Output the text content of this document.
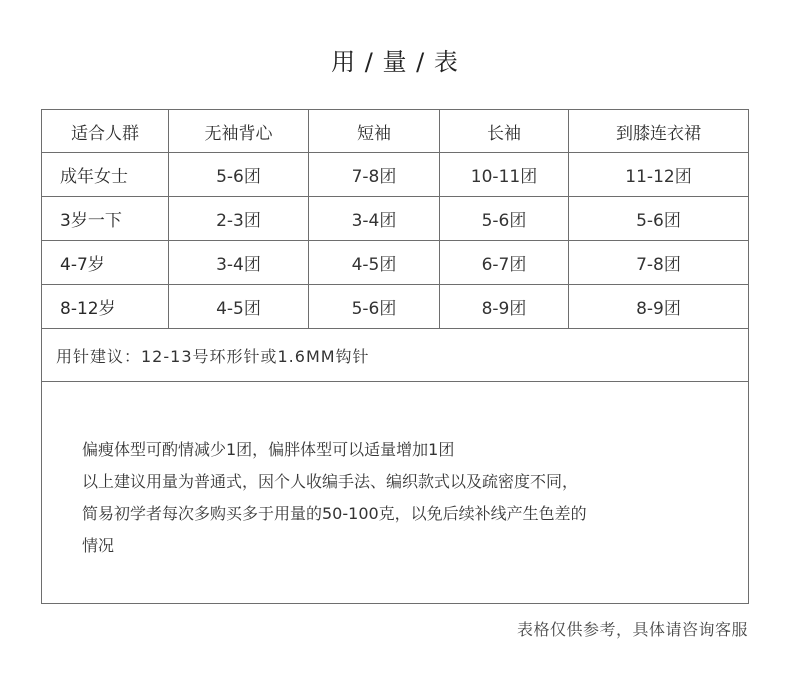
用 / 量 / 表
适合人群	无袖背心	短袖	长袖	到膝连衣裙
成年女士	5-6团	7-8团	10-11团	11-12团
3岁一下	2-3团	3-4团	5-6团	5-6团
4-7岁	3-4团	4-5团	6-7团	7-8团
8-12岁	4-5团	5-6团	8-9团	8-9团
用针建议：12-13号环形针或1.6MM钩针				

偏瘦体型可酌情减少1团，偏胖体型可以适量增加1团
以上建议用量为普通式，因个人收编手法、编织款式以及疏密度不同，
简易初学者每次多购买多于用量的50-100克，以免后续补线产生色差的
情况				
表格仅供参考，具体请咨询客服
